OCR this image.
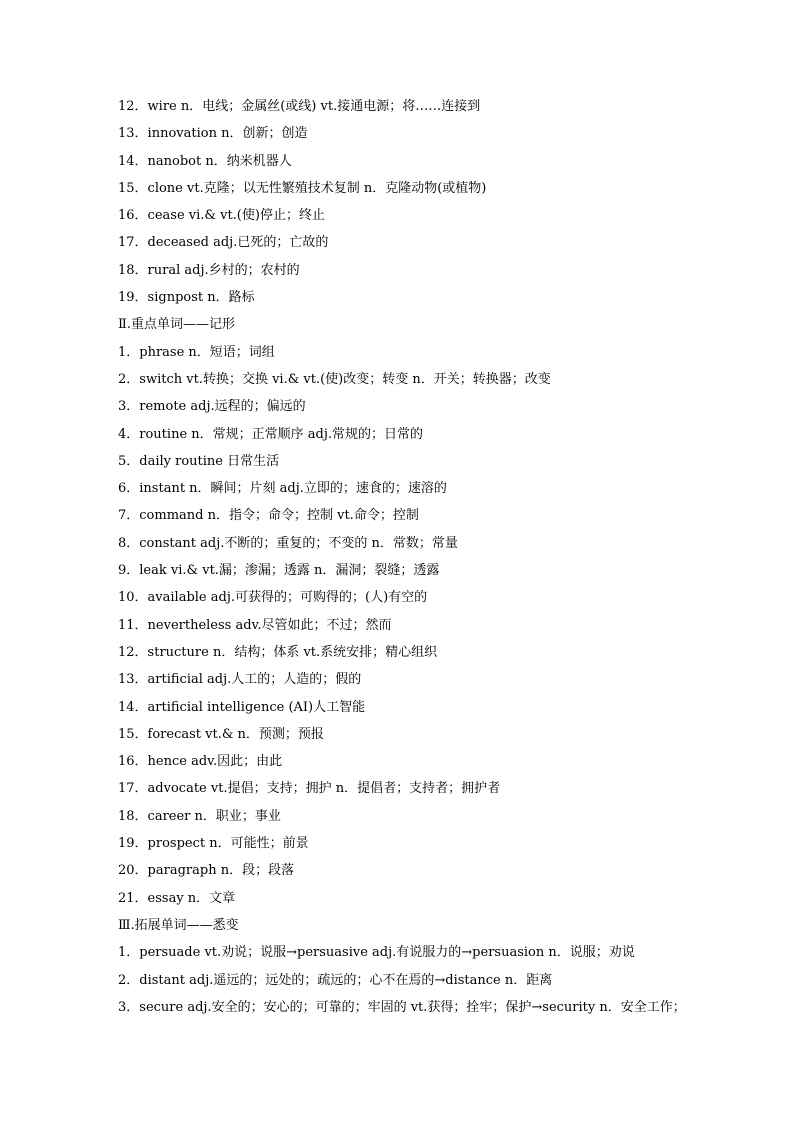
12．wire n．电线；金属丝(或线) vt.接通电源；将……连接到
13．innovation n．创新；创造
14．nanobot n．纳米机器人
15．clone vt.克隆；以无性繁殖技术复制 n．克隆动物(或植物)
16．cease vi.& vt.(使)停止；终止
17．deceased adj.已死的；亡故的
18．rural adj.乡村的；农村的
19．signpost n．路标
Ⅱ.重点单词——记形
1．phrase n．短语；词组
2．switch vt.转换；交换 vi.& vt.(使)改变；转变 n．开关；转换器；改变
3．remote adj.远程的；偏远的
4．routine n．常规；正常顺序 adj.常规的；日常的
5．daily routine 日常生活
6．instant n．瞬间；片刻 adj.立即的；速食的；速溶的
7．command n．指令；命令；控制 vt.命令；控制
8．constant adj.不断的；重复的；不变的 n．常数；常量
9．leak vi.& vt.漏；渗漏；透露 n．漏洞；裂缝；透露
10．available adj.可获得的；可购得的；(人)有空的
11．nevertheless adv.尽管如此；不过；然而
12．structure n．结构；体系 vt.系统安排；精心组织
13．artificial adj.人工的；人造的；假的
14．artificial intelligence (AI)人工智能
15．forecast vt.& n．预测；预报
16．hence adv.因此；由此
17．advocate vt.提倡；支持；拥护 n．提倡者；支持者；拥护者
18．career n．职业；事业
19．prospect n．可能性；前景
20．paragraph n．段；段落
21．essay n．文章
Ⅲ.拓展单词——悉变
1．persuade vt.劝说；说服→persuasive adj.有说服力的→persuasion n．说服；劝说
2．distant adj.遥远的；远处的；疏远的；心不在焉的→distance n．距离
3．secure adj.安全的；安心的；可靠的；牢固的 vt.获得；拴牢；保护→security n．安全工作；
